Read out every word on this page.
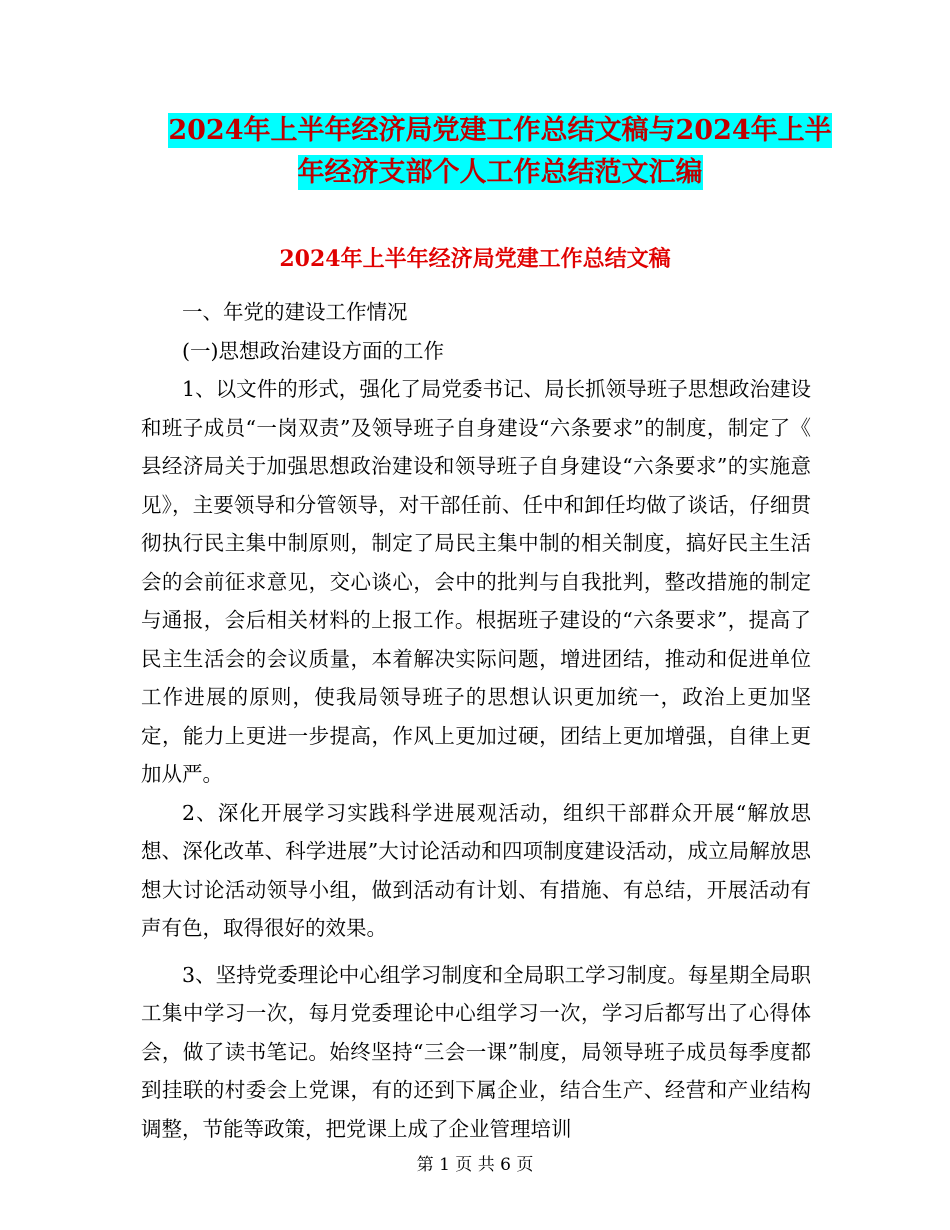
2024年上半年经济局党建工作总结文稿与2024年上半
年经济支部个人工作总结范文汇编
2024年上半年经济局党建工作总结文稿

一、年党的建设工作情况

(一)思想政治建设方面的工作

1、以文件的形式，强化了局党委书记、局长抓领导班子思想政治建设和班子成员“一岗双责”及领导班子自身建设“六条要求”的制度，制定了《 县经济局关于加强思想政治建设和领导班子自身建设“六条要求”的实施意见》，主要领导和分管领导，对干部任前、任中和卸任均做了谈话，仔细贯彻执行民主集中制原则，制定了局民主集中制的相关制度，搞好民主生活会的会前征求意见，交心谈心，会中的批判与自我批判，整改措施的制定与通报，会后相关材料的上报工作。根据班子建设的“六条要求”，提高了民主生活会的会议质量，本着解决实际问题，增进团结，推动和促进单位工作进展的原则，使我局领导班子的思想认识更加统一，政治上更加坚定，能力上更进一步提高，作风上更加过硬，团结上更加增强，自律上更加从严。

2、深化开展学习实践科学进展观活动，组织干部群众开展“解放思想、深化改革、科学进展”大讨论活动和四项制度建设活动，成立局解放思想大讨论活动领导小组，做到活动有计划、有措施、有总结，开展活动有声有色，取得很好的效果。

3、坚持党委理论中心组学习制度和全局职工学习制度。每星期全局职工集中学习一次，每月党委理论中心组学习一次，学习后都写出了心得体会，做了读书笔记。始终坚持“三会一课”制度，局领导班子成员每季度都到挂联的村委会上党课，有的还到下属企业，结合生产、经营和产业结构调整，节能等政策，把党课上成了企业管理培训

第 1 页 共 6 页
